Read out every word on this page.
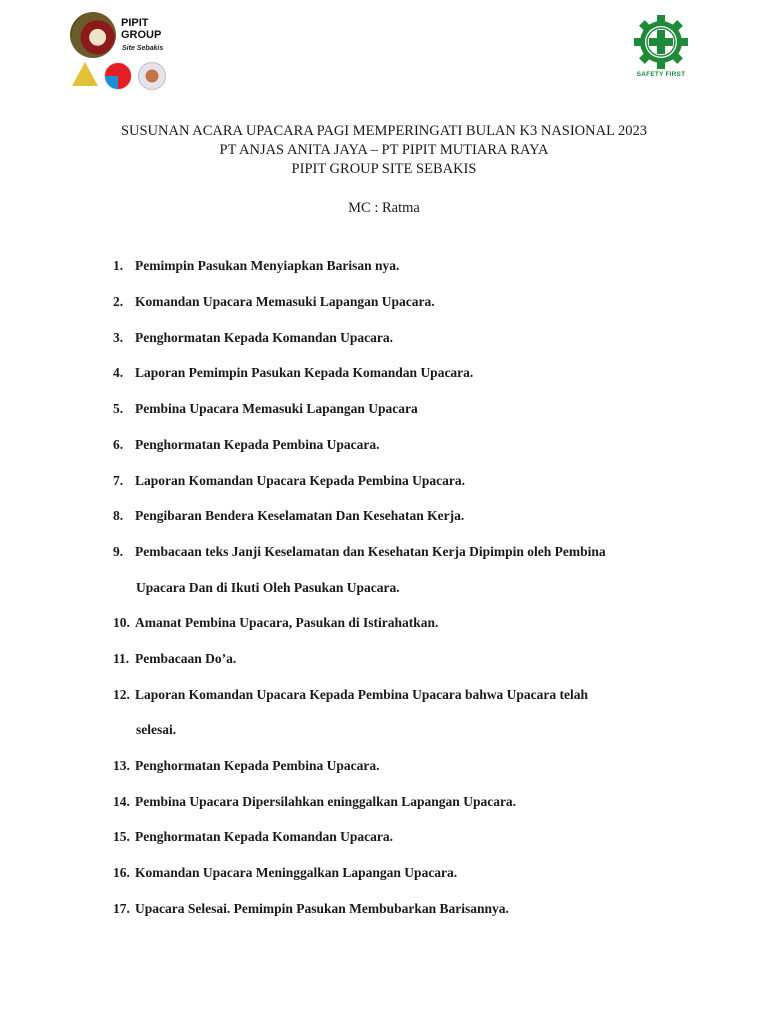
PIPIT
GROUP
Site Sebakis
SAFETY FIRST
SUSUNAN ACARA UPACARA PAGI MEMPERINGATI BULAN K3 NASIONAL 2023
PT ANJAS ANITA JAYA – PT PIPIT MUTIARA RAYA
PIPIT GROUP SITE SEBAKIS
MC : Ratma
1. Pemimpin Pasukan Menyiapkan Barisan nya.
2. Komandan Upacara Memasuki Lapangan Upacara.
3. Penghormatan Kepada Komandan Upacara.
4. Laporan Pemimpin Pasukan Kepada Komandan Upacara.
5. Pembina Upacara Memasuki Lapangan Upacara
6. Penghormatan Kepada Pembina Upacara.
7. Laporan Komandan Upacara Kepada Pembina Upacara.
8. Pengibaran Bendera Keselamatan Dan Kesehatan Kerja.
9. Pembacaan teks Janji Keselamatan dan Kesehatan Kerja Dipimpin oleh Pembina
Upacara Dan di Ikuti Oleh Pasukan Upacara.
10. Amanat Pembina Upacara, Pasukan di Istirahatkan.
11. Pembacaan Do’a.
12. Laporan Komandan Upacara Kepada Pembina Upacara bahwa Upacara telah
selesai.
13. Penghormatan Kepada Pembina Upacara.
14. Pembina Upacara Dipersilahkan eninggalkan Lapangan Upacara.
15. Penghormatan Kepada Komandan Upacara.
16. Komandan Upacara Meninggalkan Lapangan Upacara.
17. Upacara Selesai. Pemimpin Pasukan Membubarkan Barisannya.
